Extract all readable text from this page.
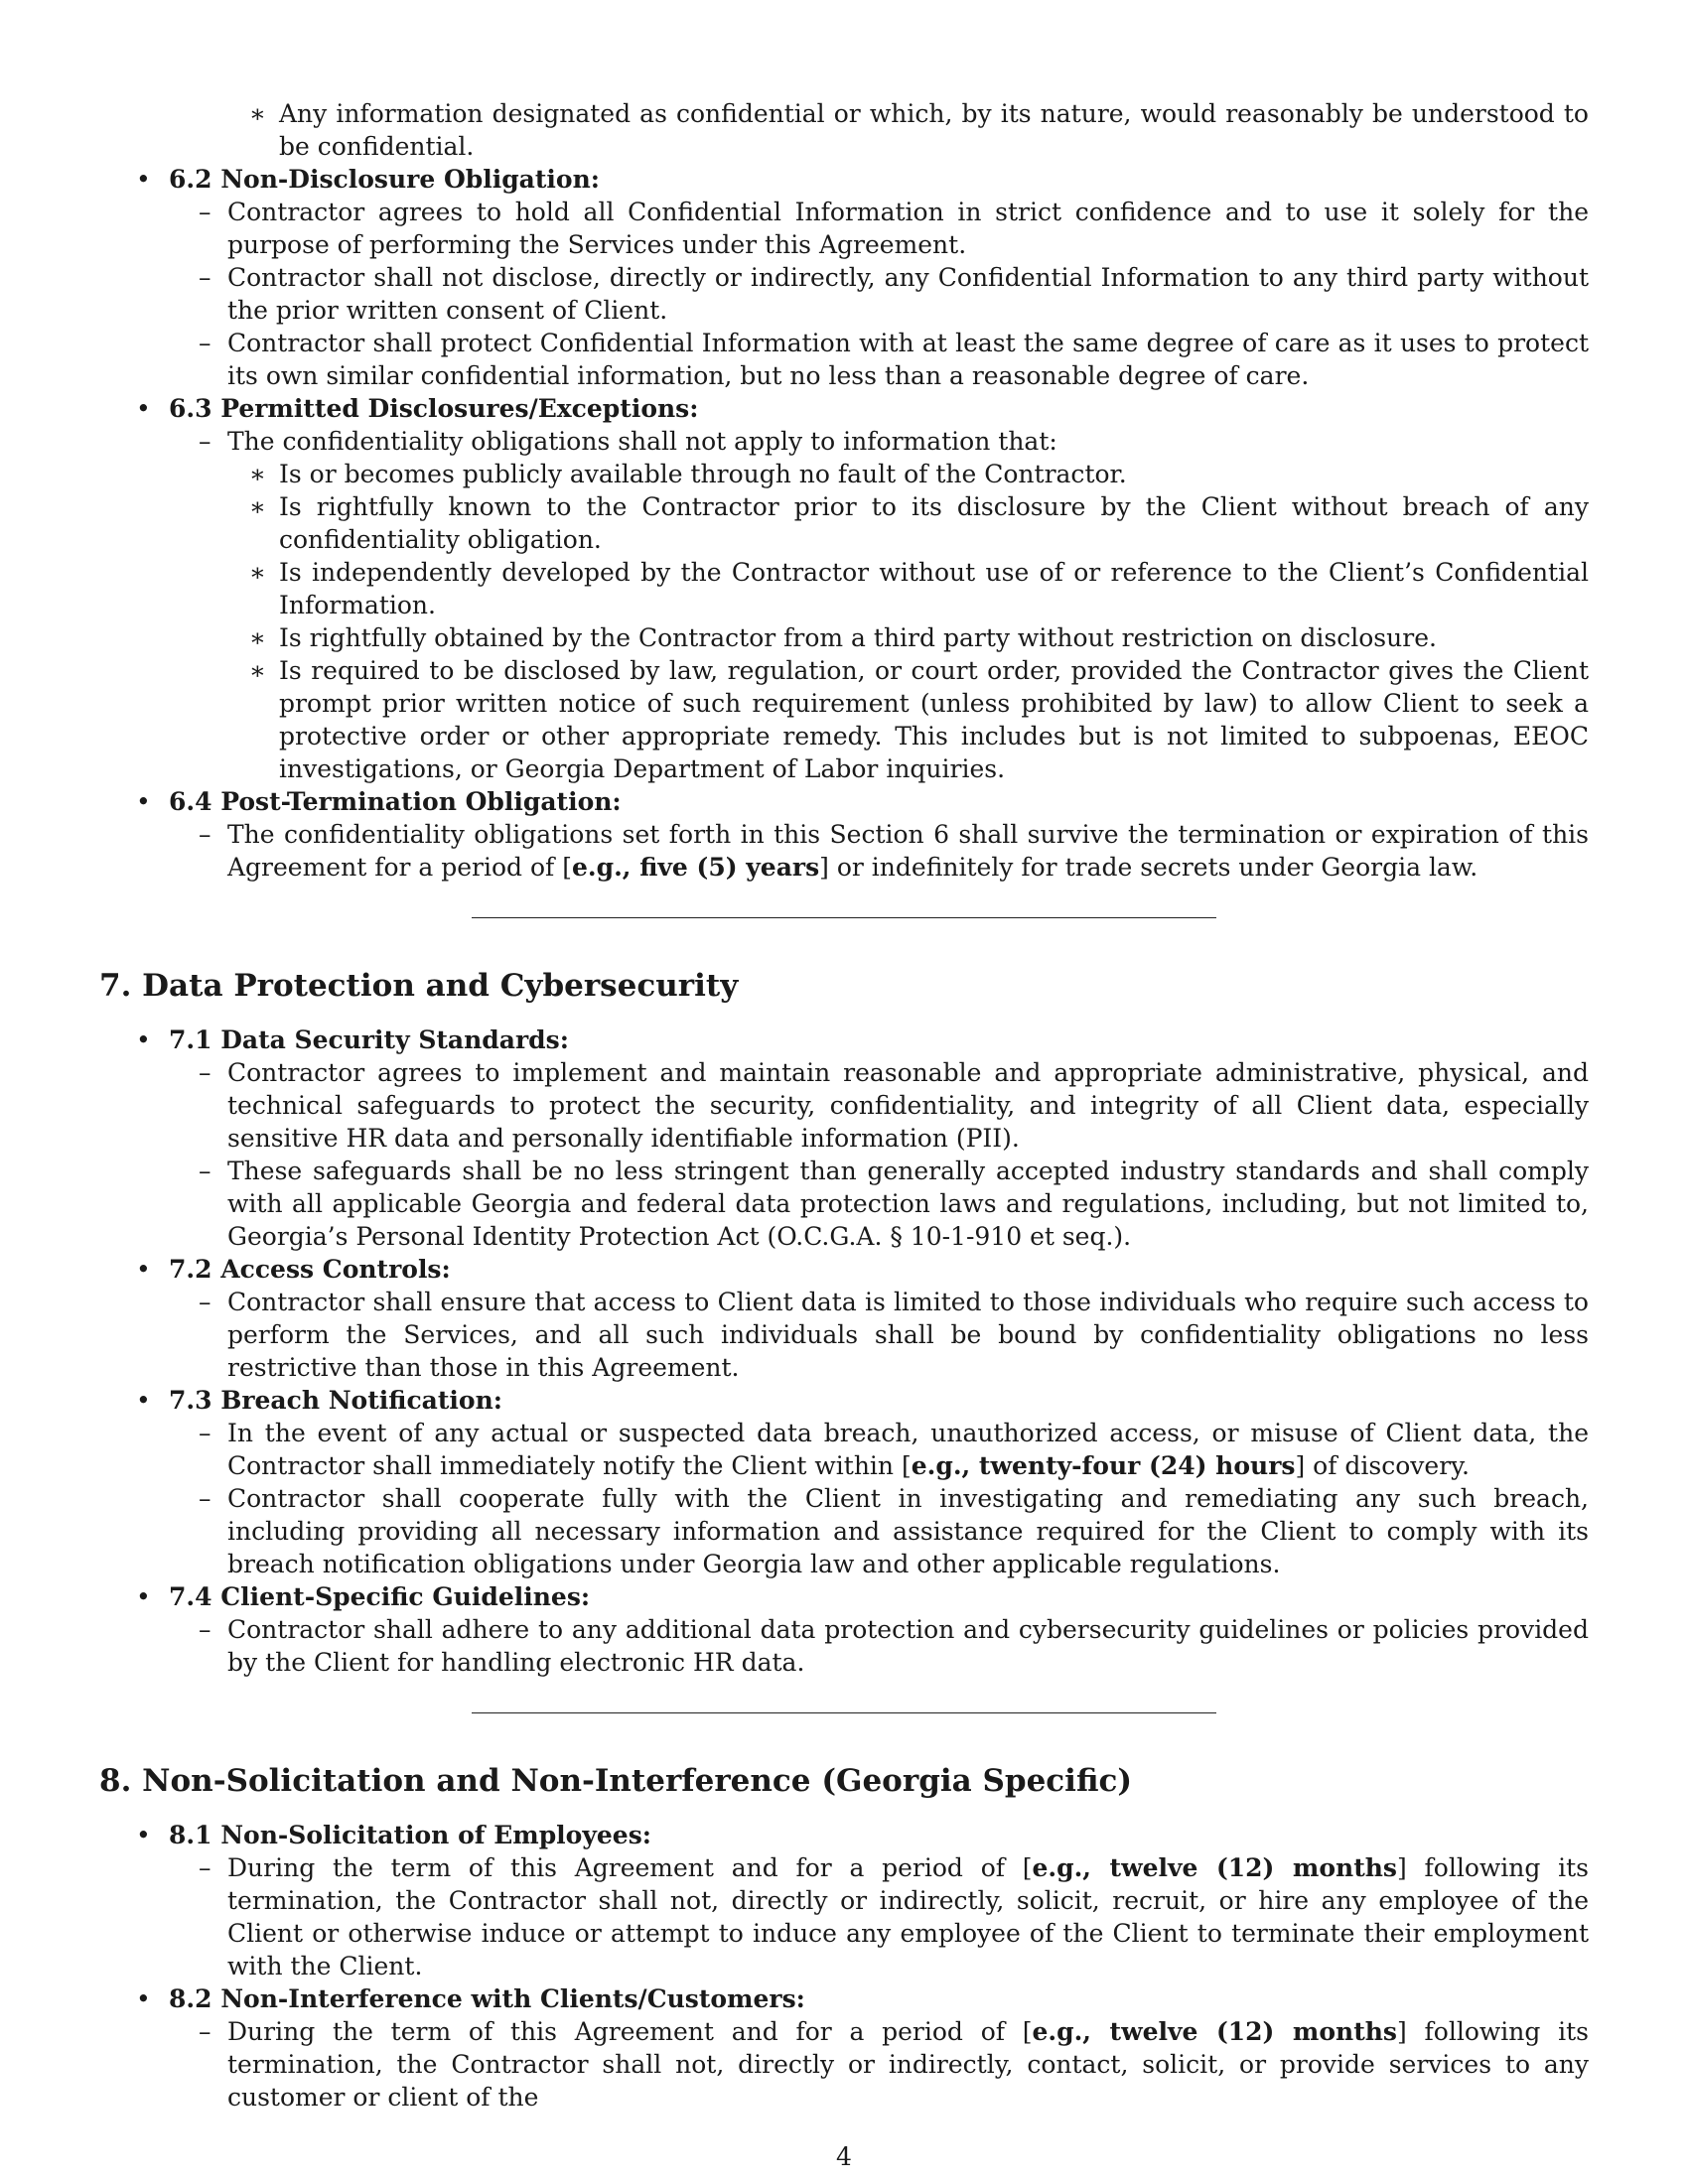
∗ Any information designated as confidential or which, by its nature, would reasonably be understood to be confidential.
• 6.2 Non-Disclosure Obligation:
– Contractor agrees to hold all Confidential Information in strict confidence and to use it solely for the purpose of performing the Services under this Agreement.
– Contractor shall not disclose, directly or indirectly, any Confidential Information to any third party without the prior written consent of Client.
– Contractor shall protect Confidential Information with at least the same degree of care as it uses to protect its own similar confidential information, but no less than a reasonable degree of care.
• 6.3 Permitted Disclosures/Exceptions:
– The confidentiality obligations shall not apply to information that:
∗ Is or becomes publicly available through no fault of the Contractor.
∗ Is rightfully known to the Contractor prior to its disclosure by the Client without breach of any confidentiality obligation.
∗ Is independently developed by the Contractor without use of or reference to the Client’s Confidential Information.
∗ Is rightfully obtained by the Contractor from a third party without restriction on disclosure.
∗ Is required to be disclosed by law, regulation, or court order, provided the Contractor gives the Client prompt prior written notice of such requirement (unless prohibited by law) to allow Client to seek a protective order or other appropriate remedy. This includes but is not limited to subpoenas, EEOC investigations, or Georgia Department of Labor inquiries.
• 6.4 Post-Termination Obligation:
– The confidentiality obligations set forth in this Section 6 shall survive the termination or expiration of this Agreement for a period of [e.g., five (5) years] or indefinitely for trade secrets under Georgia law.
7. Data Protection and Cybersecurity
• 7.1 Data Security Standards:
– Contractor agrees to implement and maintain reasonable and appropriate administrative, physical, and technical safeguards to protect the security, confidentiality, and integrity of all Client data, especially sensitive HR data and personally identifiable information (PII).
– These safeguards shall be no less stringent than generally accepted industry standards and shall comply with all applicable Georgia and federal data protection laws and regulations, including, but not limited to, Georgia’s Personal Identity Protection Act (O.C.G.A. § 10-1-910 et seq.).
• 7.2 Access Controls:
– Contractor shall ensure that access to Client data is limited to those individuals who require such access to perform the Services, and all such individuals shall be bound by confidentiality obligations no less restrictive than those in this Agreement.
• 7.3 Breach Notification:
– In the event of any actual or suspected data breach, unauthorized access, or misuse of Client data, the Contractor shall immediately notify the Client within [e.g., twenty-four (24) hours] of discovery.
– Contractor shall cooperate fully with the Client in investigating and remediating any such breach, including providing all necessary information and assistance required for the Client to comply with its breach notification obligations under Georgia law and other applicable regulations.
• 7.4 Client-Specific Guidelines:
– Contractor shall adhere to any additional data protection and cybersecurity guidelines or policies provided by the Client for handling electronic HR data.
8. Non-Solicitation and Non-Interference (Georgia Specific)
• 8.1 Non-Solicitation of Employees:
– During the term of this Agreement and for a period of [e.g., twelve (12) months] following its termination, the Contractor shall not, directly or indirectly, solicit, recruit, or hire any employee of the Client or otherwise induce or attempt to induce any employee of the Client to terminate their employment with the Client.
• 8.2 Non-Interference with Clients/Customers:
– During the term of this Agreement and for a period of [e.g., twelve (12) months] following its termination, the Contractor shall not, directly or indirectly, contact, solicit, or provide services to any customer or client of the
4
